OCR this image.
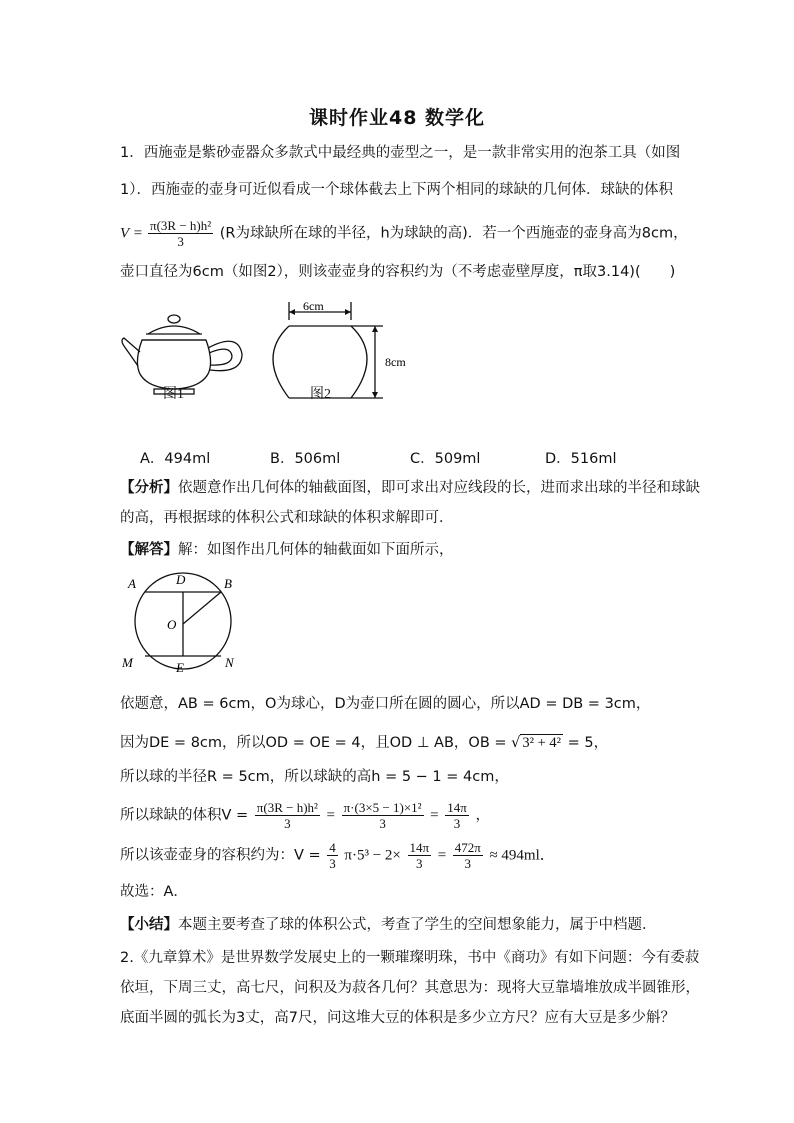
课时作业48 数学化
1．西施壶是紫砂壶器众多款式中最经典的壶型之一，是一款非常实用的泡茶工具（如图
1）．西施壶的壶身可近似看成一个球体截去上下两个相同的球缺的几何体．球缺的体积
$V = \frac{\text{π(3R − h)h²}}{3} (R$为球缺所在球的半径，h为球缺的高)．若一个西施壶的壶身高为8cm，
壶口直径为6cm（如图2），则该壶壶身的容积约为（不考虑壶壁厚度，π取3.14)(　　)
图1
6cm
8cm
图2
A．494ml	B．506ml	C．509ml	D．516ml
【分析】依题意作出几何体的轴截面图，即可求出对应线段的长，进而求出球的半径和球缺
的高，再根据球的体积公式和球缺的体积求解即可．
【解答】解：如图作出几何体的轴截面如下面所示，
A	D	B
O
M	E	N
依题意，AB = 6cm，O为球心，D为壶口所在圆的圆心，所以AD = DB = 3cm，
因为DE = 8cm，所以OD = OE = 4，且OD ⊥ AB，OB = √ 3² + 4² = 5，
所以球的半径R = 5cm，所以球缺的高h = 5 − 1 = 4cm，
所以球缺的体积$V = \frac{\text{π(3R − h)h²}}{3} = \frac{\text{π·(3×5 − 1)×1²}}{3} = \frac{14\pi}{3}$ ，
所以该壶壶身的容积约为：$V = \frac{4}{3} \pi\cdot 5^3 - 2\times \frac{14\pi}{3} = \frac{472\pi}{3} \approx 494ml$．
故选：A．
【小结】本题主要考查了球的体积公式，考查了学生的空间想象能力，属于中档题．
2.《九章算术》是世界数学发展史上的一颗璀璨明珠，书中《商功》有如下问题：今有委菽
依垣，下周三丈，高七尺，问积及为菽各几何？其意思为：现将大豆靠墙堆放成半圆锥形，
底面半圆的弧长为3丈，高7尺，问这堆大豆的体积是多少立方尺？应有大豆是多少斛？
